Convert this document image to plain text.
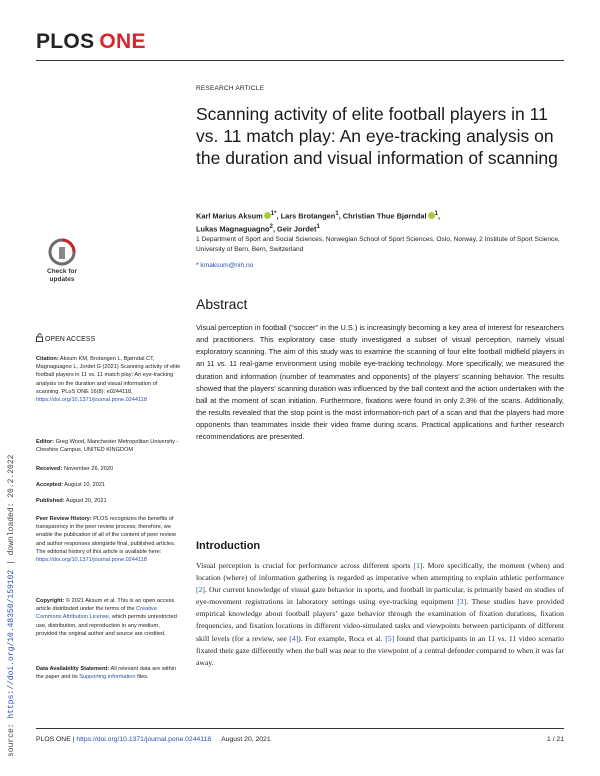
PLOS ONE
source: https://doi.org/10.48350/159102 | downloaded: 20.2.2022
RESEARCH ARTICLE
Scanning activity of elite football players in 11 vs. 11 match play: An eye-tracking analysis on the duration and visual information of scanning
Karl Marius Aksum $^{1*}$, Lars Brotangen$^1$, Christian Thue Bjørndal $^1$,
Lukas Magnaguagno$^2$, Geir Jordet$^1$
1 Department of Sport and Social Sciences, Norwegian School of Sport Sciences, Oslo, Norway, 2 Institute of Sport Science, University of Bern, Bern, Switzerland
* kmaksum@nih.no
Check for
updates
OPEN ACCESS
Citation: Aksum KM, Brotangen L, Bjørndal CT, Magnaguagno L, Jordet G (2021) Scanning activity of elite football players in 11 vs. 11 match play: An eye-tracking analysis on the duration and visual information of scanning. PLoS ONE 16(8): e0244118. https://doi.org/10.1371/journal.pone.0244118
Editor: Greg Wood, Manchester Metropolitan University - Cheshire Campus, UNITED KINGDOM
Received: November 26, 2020
Accepted: August 10, 2021
Published: August 20, 2021
Peer Review History: PLOS recognizes the benefits of transparency in the peer review process; therefore, we enable the publication of all of the content of peer review and author responses alongside final, published articles. The editorial history of this article is available here: https://doi.org/10.1371/journal.pone.0244118
Copyright: © 2021 Aksum et al. This is an open access article distributed under the terms of the Creative Commons Attribution License, which permits unrestricted use, distribution, and reproduction in any medium, provided the original author and source are credited.
Data Availability Statement: All relevant data are within the paper and its Supporting information files.
Abstract
Visual perception in football (“soccer” in the U.S.) is increasingly becoming a key area of interest for researchers and practitioners. This exploratory case study investigated a subset of visual perception, namely visual exploratory scanning. The aim of this study was to examine the scanning of four elite football midfield players in an 11 vs. 11 real-game environment using mobile eye-tracking technology. More specifically, we measured the duration and information (number of teammates and opponents) of the players’ scanning behavior. The results showed that the players’ scanning duration was influenced by the ball context and the action undertaken with the ball at the moment of scan initiation. Furthermore, fixations were found in only 2.3% of the scans. Additionally, the results revealed that the stop point is the most information-rich part of a scan and that the players had more opponents than teammates inside their video frame during scans. Practical applications and further research recommendations are presented.
Introduction
Visual perception is crucial for performance across different sports [1]. More specifically, the moment (when) and location (where) of information gathering is regarded as imperative when attempting to explain athletic performance [2]. Our current knowledge of visual gaze behavior in sports, and football in particular, is primarily based on studies of eye-movement registrations in laboratory settings using eye-tracking equipment [3]. These studies have provided empirical knowledge about football players’ gaze behavior through the examination of fixation durations, fixation frequencies, and fixation locations in different video-simulated tasks and viewpoints between participants of different skill levels (for a review, see [4]). For example, Roca et al. [5] found that participants in an 11 vs. 11 video scenario fixated their gaze differently when the ball was near to the viewpoint of a central defender compared to when it was far away.
PLOS ONE | https://doi.org/10.1371/journal.pone.0244118 August 20, 2021	1 / 21
